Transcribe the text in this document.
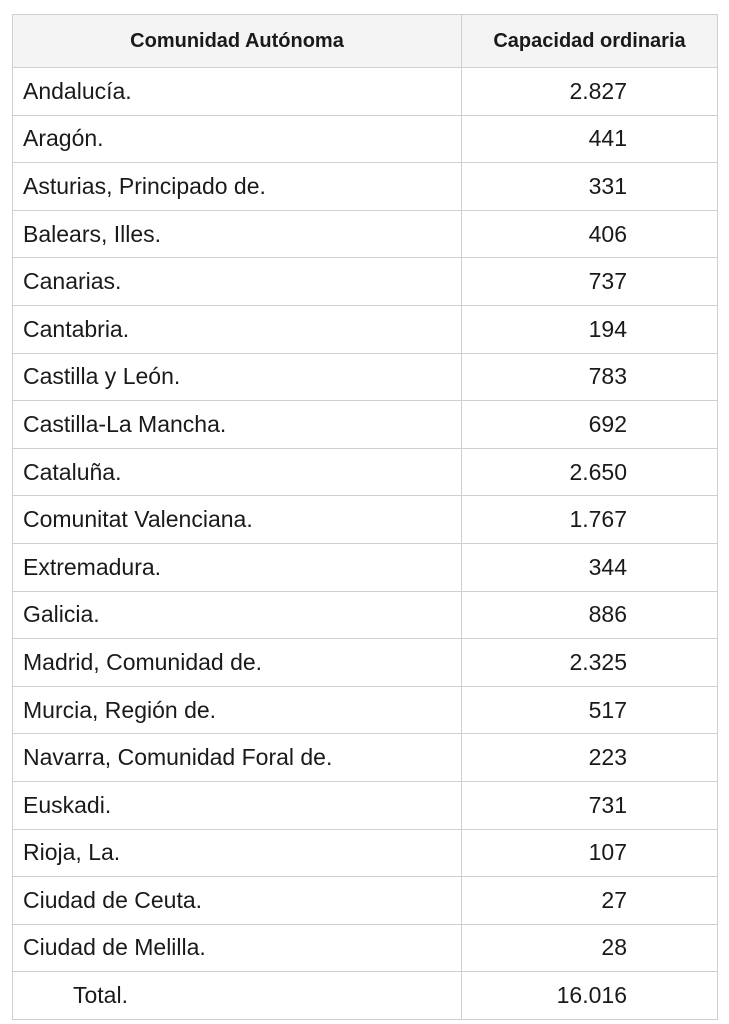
Comunidad Autónoma	Capacidad ordinaria
Andalucía.	2.827
Aragón.	441
Asturias, Principado de.	331
Balears, Illes.	406
Canarias.	737
Cantabria.	194
Castilla y León.	783
Castilla-La Mancha.	692
Cataluña.	2.650
Comunitat Valenciana.	1.767
Extremadura.	344
Galicia.	886
Madrid, Comunidad de.	2.325
Murcia, Región de.	517
Navarra, Comunidad Foral de.	223
Euskadi.	731
Rioja, La.	107
Ciudad de Ceuta.	27
Ciudad de Melilla.	28
Total.	16.016
